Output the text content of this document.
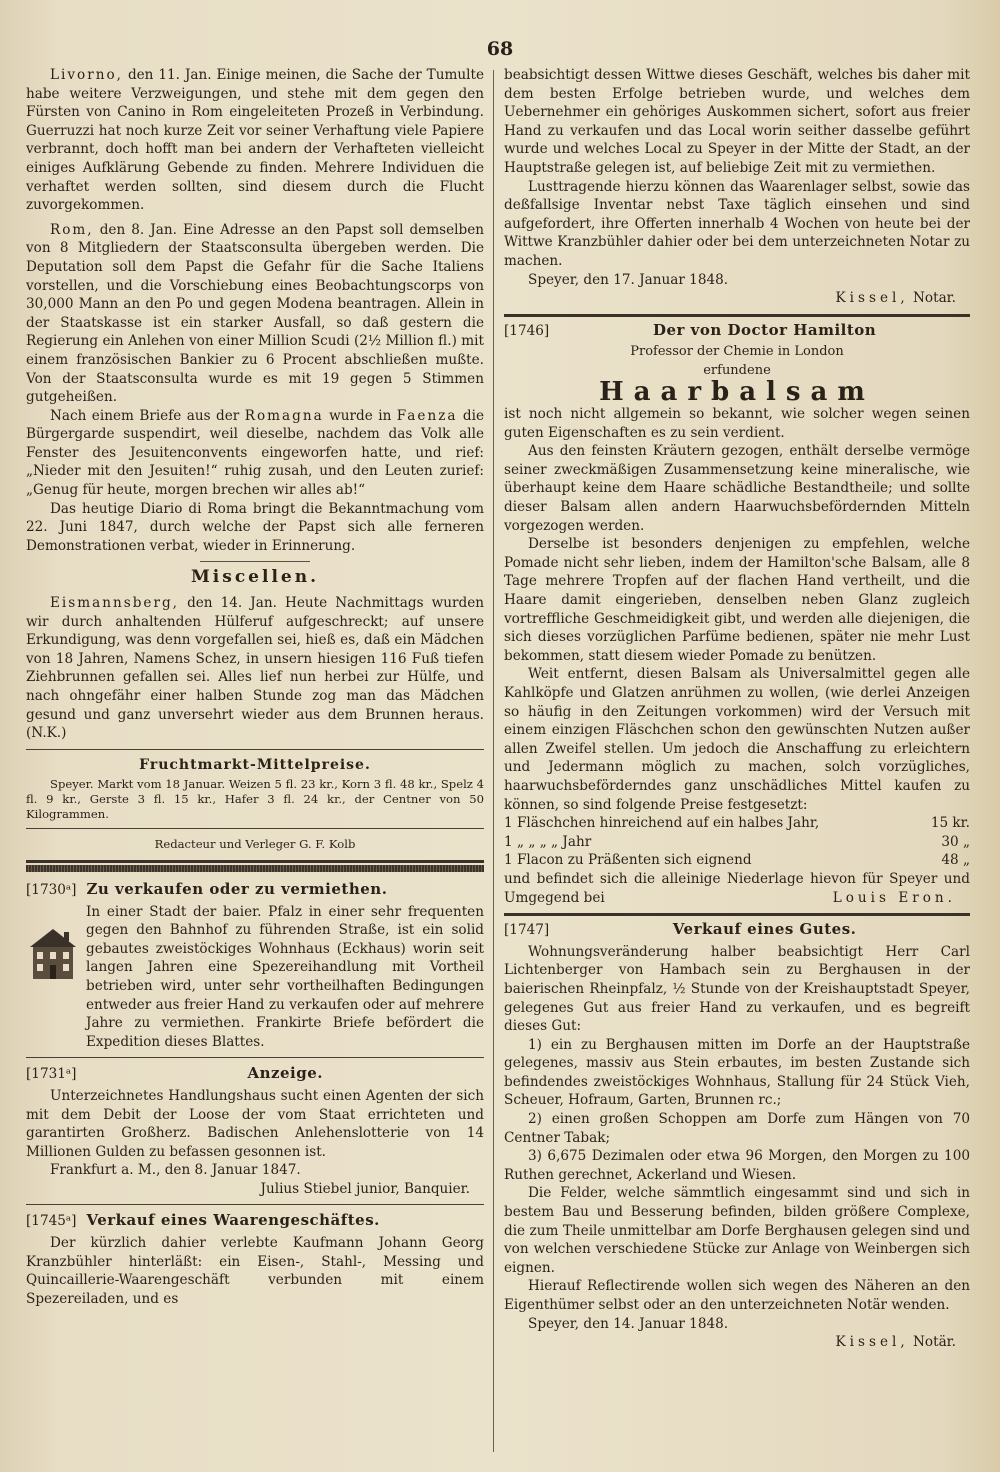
68

Livorno, den 11. Jan. Einige meinen, die Sache der Tumulte habe weitere Verzweigungen, und stehe mit dem gegen den Fürsten von Canino in Rom eingeleiteten Prozeß in Verbindung. Guerruzzi hat noch kurze Zeit vor seiner Verhaftung viele Papiere verbrannt, doch hofft man bei andern der Verhafteten vielleicht einiges Aufklärung Gebende zu finden. Mehrere Individuen die verhaftet werden sollten, sind diesem durch die Flucht zuvorgekommen.

Rom, den 8. Jan. Eine Adresse an den Papst soll demselben von 8 Mitgliedern der Staatsconsulta übergeben werden. Die Deputation soll dem Papst die Gefahr für die Sache Italiens vorstellen, und die Vorschiebung eines Beobachtungscorps von 30,000 Mann an den Po und gegen Modena beantragen. Allein in der Staatskasse ist ein starker Ausfall, so daß gestern die Regierung ein Anlehen von einer Million Scudi (2½ Million fl.) mit einem französischen Bankier zu 6 Procent abschließen mußte. Von der Staatsconsulta wurde es mit 19 gegen 5 Stimmen gutgeheißen.

Nach einem Briefe aus der Romagna wurde in Faenza die Bürgergarde suspendirt, weil dieselbe, nachdem das Volk alle Fenster des Jesuitenconvents eingeworfen hatte, und rief: „Nieder mit den Jesuiten!“ ruhig zusah, und den Leuten zurief: „Genug für heute, morgen brechen wir alles ab!“

Das heutige Diario di Roma bringt die Bekanntmachung vom 22. Juni 1847, durch welche der Papst sich alle ferneren Demonstrationen verbat, wieder in Erinnerung.

Miscellen.

Eismannsberg, den 14. Jan. Heute Nachmittags wurden wir durch anhaltenden Hülferuf aufgeschreckt; auf unsere Erkundigung, was denn vorgefallen sei, hieß es, daß ein Mädchen von 18 Jahren, Namens Schez, in unsern hiesigen 116 Fuß tiefen Ziehbrunnen gefallen sei. Alles lief nun herbei zur Hülfe, und nach ohngefähr einer halben Stunde zog man das Mädchen gesund und ganz unversehrt wieder aus dem Brunnen heraus. (N.K.)

Fruchtmarkt-Mittelpreise.

Speyer. Markt vom 18 Januar. Weizen 5 fl. 23 kr., Korn 3 fl. 48 kr., Spelz 4 fl. 9 kr., Gerste 3 fl. 15 kr., Hafer 3 fl. 24 kr., der Centner von 50 Kilogrammen.

Redacteur und Verleger G. F. Kolb
[1730ᵃ] Zu verkaufen oder zu vermiethen.

In einer Stadt der baier. Pfalz in einer sehr frequenten gegen den Bahnhof zu führenden Straße, ist ein solid gebautes zweistöckiges Wohnhaus (Eckhaus) worin seit langen Jahren eine Spezereihandlung mit Vortheil betrieben wird, unter sehr vortheilhaften Bedingungen entweder aus freier Hand zu verkaufen oder auf mehrere Jahre zu vermiethen. Frankirte Briefe befördert die Expedition dieses Blattes.

[1731ᵃ]	Anzeige.

Unterzeichnetes Handlungshaus sucht einen Agenten der sich mit dem Debit der Loose der vom Staat errichteten und garantirten Großherz. Badischen Anlehenslotterie von 14 Millionen Gulden zu befassen gesonnen ist.

Frankfurt a. M., den 8. Januar 1847.

Julius Stiebel junior, Banquier.

[1745ᵃ] Verkauf eines Waarengeschäftes.

Der kürzlich dahier verlebte Kaufmann Johann Georg Kranzbühler hinterläßt: ein Eisen-, Stahl-, Messing und Quincaillerie-Waarengeschäft verbunden mit einem Spezereiladen, und es

beabsichtigt dessen Wittwe dieses Geschäft, welches bis daher mit dem besten Erfolge betrieben wurde, und welches dem Uebernehmer ein gehöriges Auskommen sichert, sofort aus freier Hand zu verkaufen und das Local worin seither dasselbe geführt wurde und welches Local zu Speyer in der Mitte der Stadt, an der Hauptstraße gelegen ist, auf beliebige Zeit mit zu vermiethen.

Lusttragende hierzu können das Waarenlager selbst, sowie das deßfallsige Inventar nebst Taxe täglich einsehen und sind aufgefordert, ihre Offerten innerhalb 4 Wochen von heute bei der Wittwe Kranzbühler dahier oder bei dem unterzeichneten Notar zu machen.

Speyer, den 17. Januar 1848.

Kissel, Notar.

[1746]	Der von Doctor Hamilton
Professor der Chemie in London
erfundene
Haarbalsam

ist noch nicht allgemein so bekannt, wie solcher wegen seinen guten Eigenschaften es zu sein verdient.

Aus den feinsten Kräutern gezogen, enthält derselbe vermöge seiner zweckmäßigen Zusammensetzung keine mineralische, wie überhaupt keine dem Haare schädliche Bestandtheile; und sollte dieser Balsam allen andern Haarwuchsbefördernden Mitteln vorgezogen werden.

Derselbe ist besonders denjenigen zu empfehlen, welche Pomade nicht sehr lieben, indem der Hamilton'sche Balsam, alle 8 Tage mehrere Tropfen auf der flachen Hand vertheilt, und die Haare damit eingerieben, denselben neben Glanz zugleich vortreffliche Geschmeidigkeit gibt, und werden alle diejenigen, die sich dieses vorzüglichen Parfüme bedienen, später nie mehr Lust bekommen, statt diesem wieder Pomade zu benützen.

Weit entfernt, diesen Balsam als Universalmittel gegen alle Kahlköpfe und Glatzen anrühmen zu wollen, (wie derlei Anzeigen so häufig in den Zeitungen vorkommen) wird der Versuch mit einem einzigen Fläschchen schon den gewünschten Nutzen außer allen Zweifel stellen. Um jedoch die Anschaffung zu erleichtern und Jedermann möglich zu machen, solch vorzügliches, haarwuchsbeförderndes ganz unschädliches Mittel kaufen zu können, so sind folgende Preise festgesetzt:

1 Fläschchen hinreichend auf ein halbes Jahr,	15 kr.
1 „ „ „ „ Jahr	30 „
1 Flacon zu Präßenten sich eignend	48 „

und befindet sich die alleinige Niederlage hievon für Speyer und Umgegend bei	Louis Eron.

[1747]	Verkauf eines Gutes.

Wohnungsveränderung halber beabsichtigt Herr Carl Lichtenberger von Hambach sein zu Berghausen in der baierischen Rheinpfalz, ½ Stunde von der Kreishauptstadt Speyer, gelegenes Gut aus freier Hand zu verkaufen, und es begreift dieses Gut:

1) ein zu Berghausen mitten im Dorfe an der Hauptstraße gelegenes, massiv aus Stein erbautes, im besten Zustande sich befindendes zweistöckiges Wohnhaus, Stallung für 24 Stück Vieh, Scheuer, Hofraum, Garten, Brunnen rc.;

2) einen großen Schoppen am Dorfe zum Hängen von 70 Centner Tabak;

3) 6,675 Dezimalen oder etwa 96 Morgen, den Morgen zu 100 Ruthen gerechnet, Ackerland und Wiesen.

Die Felder, welche sämmtlich eingesammt sind und sich in bestem Bau und Besserung befinden, bilden größere Complexe, die zum Theile unmittelbar am Dorfe Berghausen gelegen sind und von welchen verschiedene Stücke zur Anlage von Weinbergen sich eignen.

Hierauf Reflectirende wollen sich wegen des Näheren an den Eigenthümer selbst oder an den unterzeichneten Notär wenden.

Speyer, den 14. Januar 1848.

Kissel, Notär.
